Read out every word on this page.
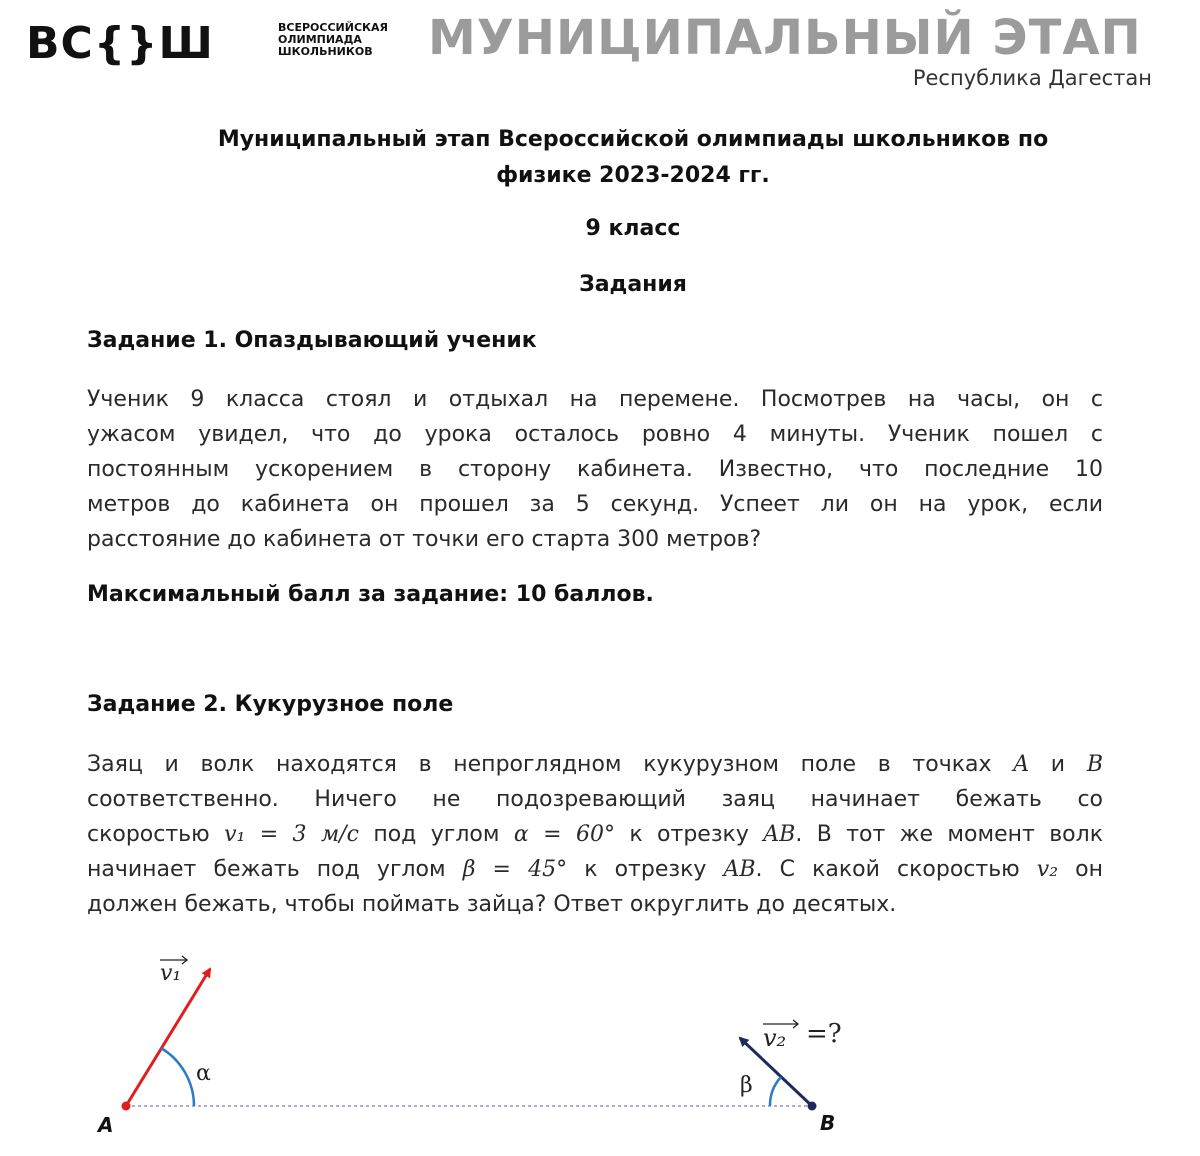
ВС{}Ш	ВСЕРОССИЙСКАЯ
ОЛИМПИАДА
ШКОЛЬНИКОВ	МУНИЦИПАЛЬНЫЙ ЭТАП
Республика Дагестан
Муниципальный этап Всероссийской олимпиады школьников по
физике 2023-2024 гг.
9 класс
Задания
Задание 1. Опаздывающий ученик
Ученик 9 класса стоял и отдыхал на перемене. Посмотрев на часы, он с
ужасом увидел, что до урока осталось ровно 4 минуты. Ученик пошел с
постоянным ускорением в сторону кабинета. Известно, что последние 10
метров до кабинета он прошел за 5 секунд. Успеет ли он на урок, если
расстояние до кабинета от точки его старта 300 метров?
Максимальный балл за задание: 10 баллов.
Задание 2. Кукурузное поле
Заяц и волк находятся в непроглядном кукурузном поле в точках A и B
соответственно. Ничего не подозревающий заяц начинает бежать со
скоростью v₁ = 3 м/с под углом α = 60° к отрезку AB. В тот же момент волк
начинает бежать под углом β = 45° к отрезку AB. С какой скоростью v₂ он
должен бежать, чтобы поймать зайца? Ответ округлить до десятых.
v₁
v₂ =?
α	β
A	B
